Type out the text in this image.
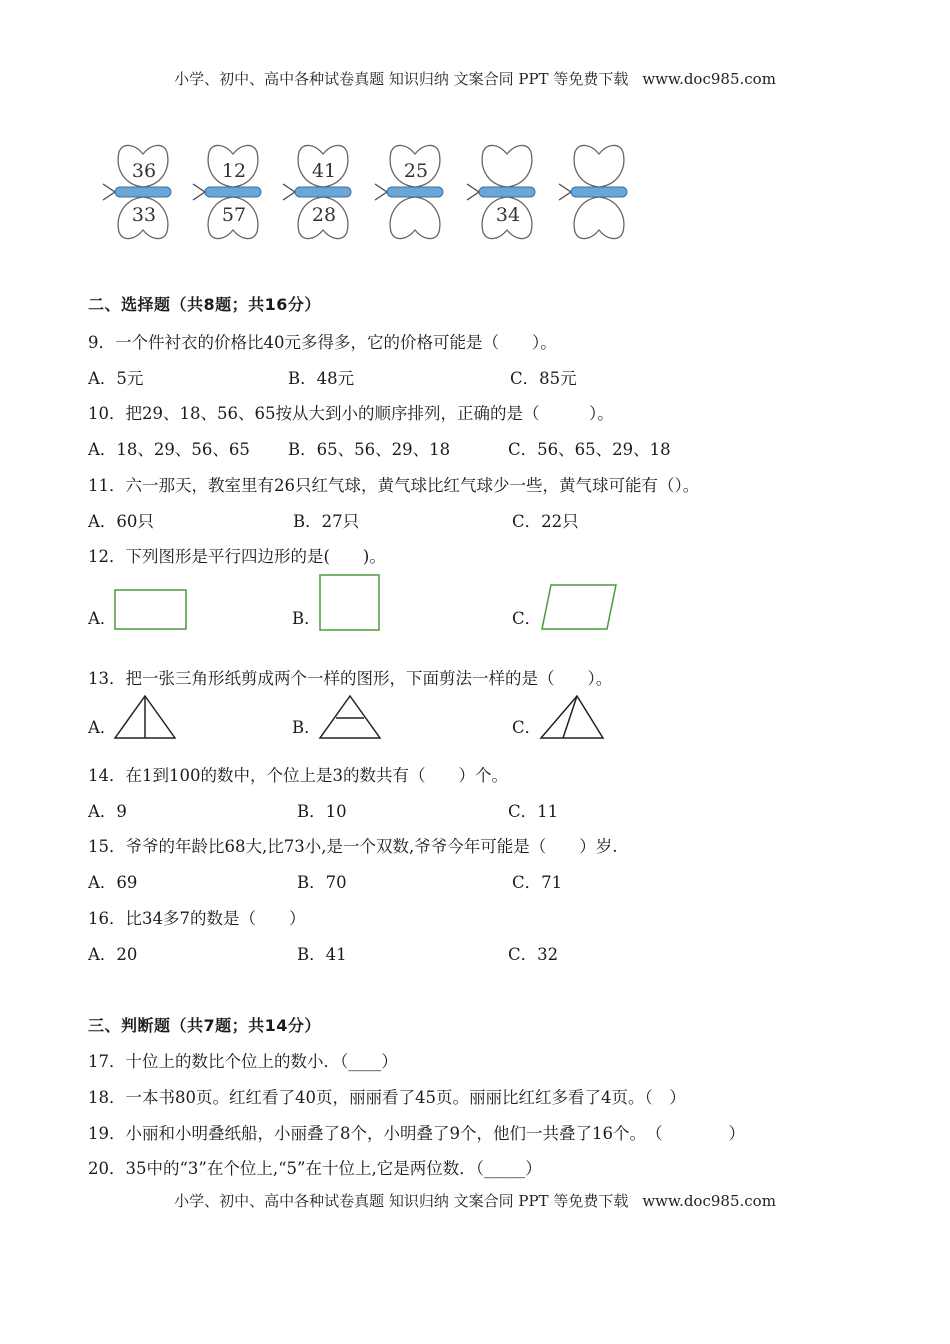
小学、初中、高中各种试卷真题 知识归纳 文案合同 PPT 等免费下载 www.doc985.com
36
33
12
57
41
28
25
34
二、选择题（共8题；共16分）
9．一个件衬衣的价格比40元多得多，它的价格可能是（　　）。
A．5元	B．48元	C．85元
10．把29、18、56、65按从大到小的顺序排列，正确的是（　　　）。
A．18、29、56、65 B．65、56、29、18	C．56、65、29、18
11．六一那天，教室里有26只红气球，黄气球比红气球少一些，黄气球可能有（）。
A．60只	B．27只	C．22只
12．下列图形是平行四边形的是(　　)。
A．	B．	C．
13．把一张三角形纸剪成两个一样的图形，下面剪法一样的是（　　）。
A．	B．	C．
14．在1到100的数中，个位上是3的数共有（　　）个。
A．9	B．10	C．11
15．爷爷的年龄比68大,比73小,是一个双数,爷爷今年可能是（　　）岁.
A．69	B．70	C．71
16．比34多7的数是（　　）
A．20	B．41	C．32
三、判断题（共7题；共14分）
17．十位上的数比个位上的数小．（____）
18．一本书80页。红红看了40页，丽丽看了45页。丽丽比红红多看了4页。（　）
19．小丽和小明叠纸船，小丽叠了8个，小明叠了9个，他们一共叠了16个。　（　　　　）
20．35中的“3”在个位上,“5”在十位上,它是两位数．（_____）
小学、初中、高中各种试卷真题 知识归纳 文案合同 PPT 等免费下载 www.doc985.com
